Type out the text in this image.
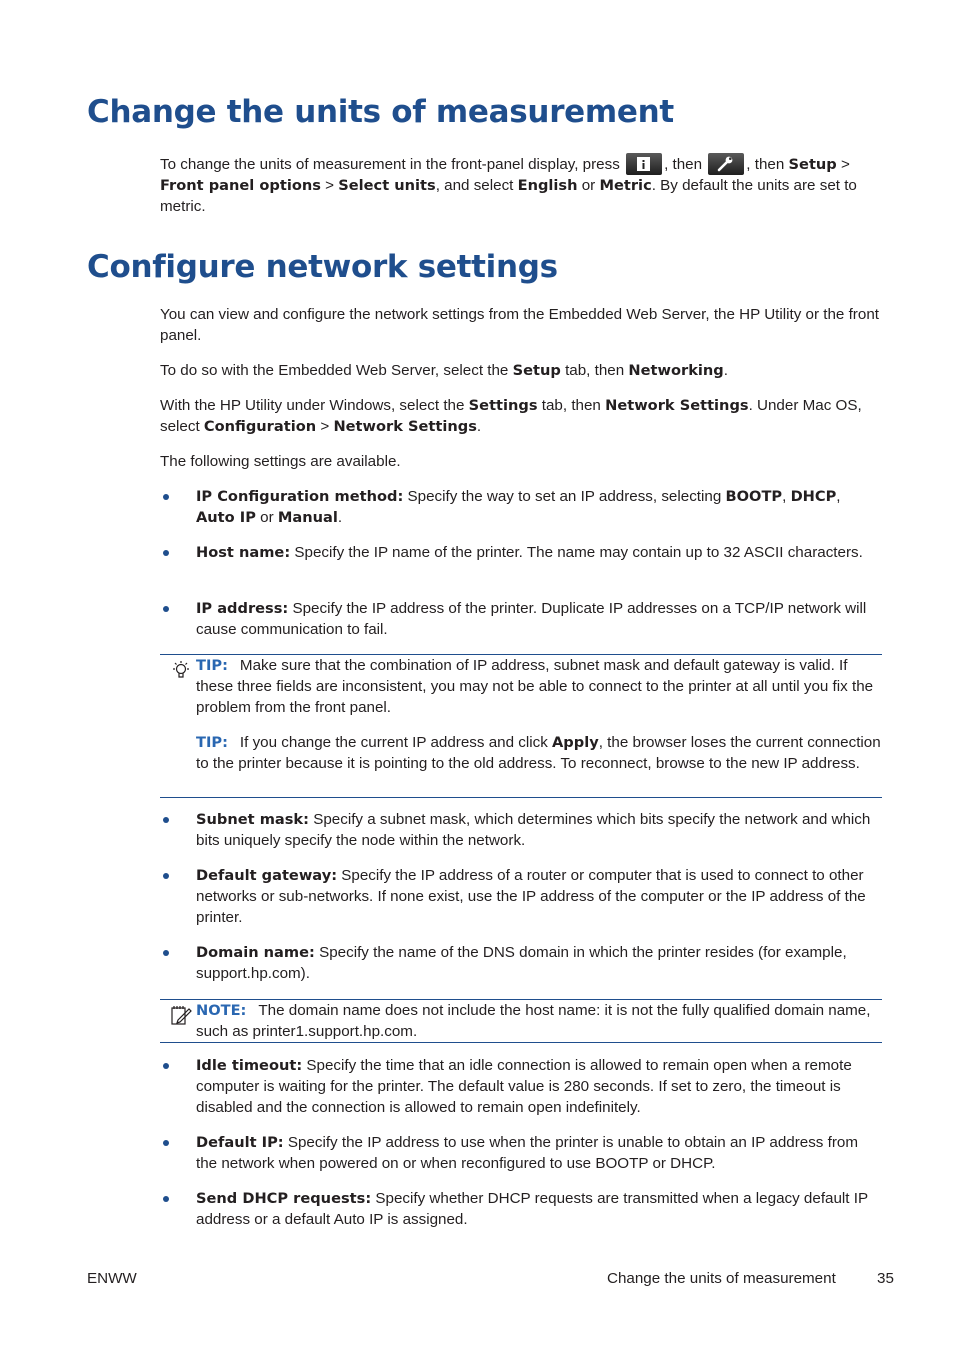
Change the units of measurement

To change the units of measurement in the front-panel display, press	, then	, then Setup > Front panel options > Select units, and select English or Metric. By default the units are set to metric.

Configure network settings

You can view and configure the network settings from the Embedded Web Server, the HP Utility or the front panel.

To do so with the Embedded Web Server, select the Setup tab, then Networking.

With the HP Utility under Windows, select the Settings tab, then Network Settings. Under Mac OS, select Configuration > Network Settings.

The following settings are available.

IP Configuration method: Specify the way to set an IP address, selecting BOOTP, DHCP, Auto IP or Manual.
Host name: Specify the IP name of the printer. The name may contain up to 32 ASCII characters.
IP address: Specify the IP address of the printer. Duplicate IP addresses on a TCP/IP network will cause communication to fail.

TIP: Make sure that the combination of IP address, subnet mask and default gateway is valid. If these three fields are inconsistent, you may not be able to connect to the printer at all until you fix the problem from the front panel.

TIP: If you change the current IP address and click Apply, the browser loses the current connection to the printer because it is pointing to the old address. To reconnect, browse to the new IP address.

Subnet mask: Specify a subnet mask, which determines which bits specify the network and which bits uniquely specify the node within the network.
Default gateway: Specify the IP address of a router or computer that is used to connect to other networks or sub-networks. If none exist, use the IP address of the computer or the IP address of the printer.
Domain name: Specify the name of the DNS domain in which the printer resides (for example, support.hp.com).

NOTE: The domain name does not include the host name: it is not the fully qualified domain name, such as printer1.support.hp.com.

Idle timeout: Specify the time that an idle connection is allowed to remain open when a remote computer is waiting for the printer. The default value is 280 seconds. If set to zero, the timeout is disabled and the connection is allowed to remain open indefinitely.
Default IP: Specify the IP address to use when the printer is unable to obtain an IP address from the network when powered on or when reconfigured to use BOOTP or DHCP.
Send DHCP requests: Specify whether DHCP requests are transmitted when a legacy default IP address or a default Auto IP is assigned.
ENWW	Change the units of measurement	35
